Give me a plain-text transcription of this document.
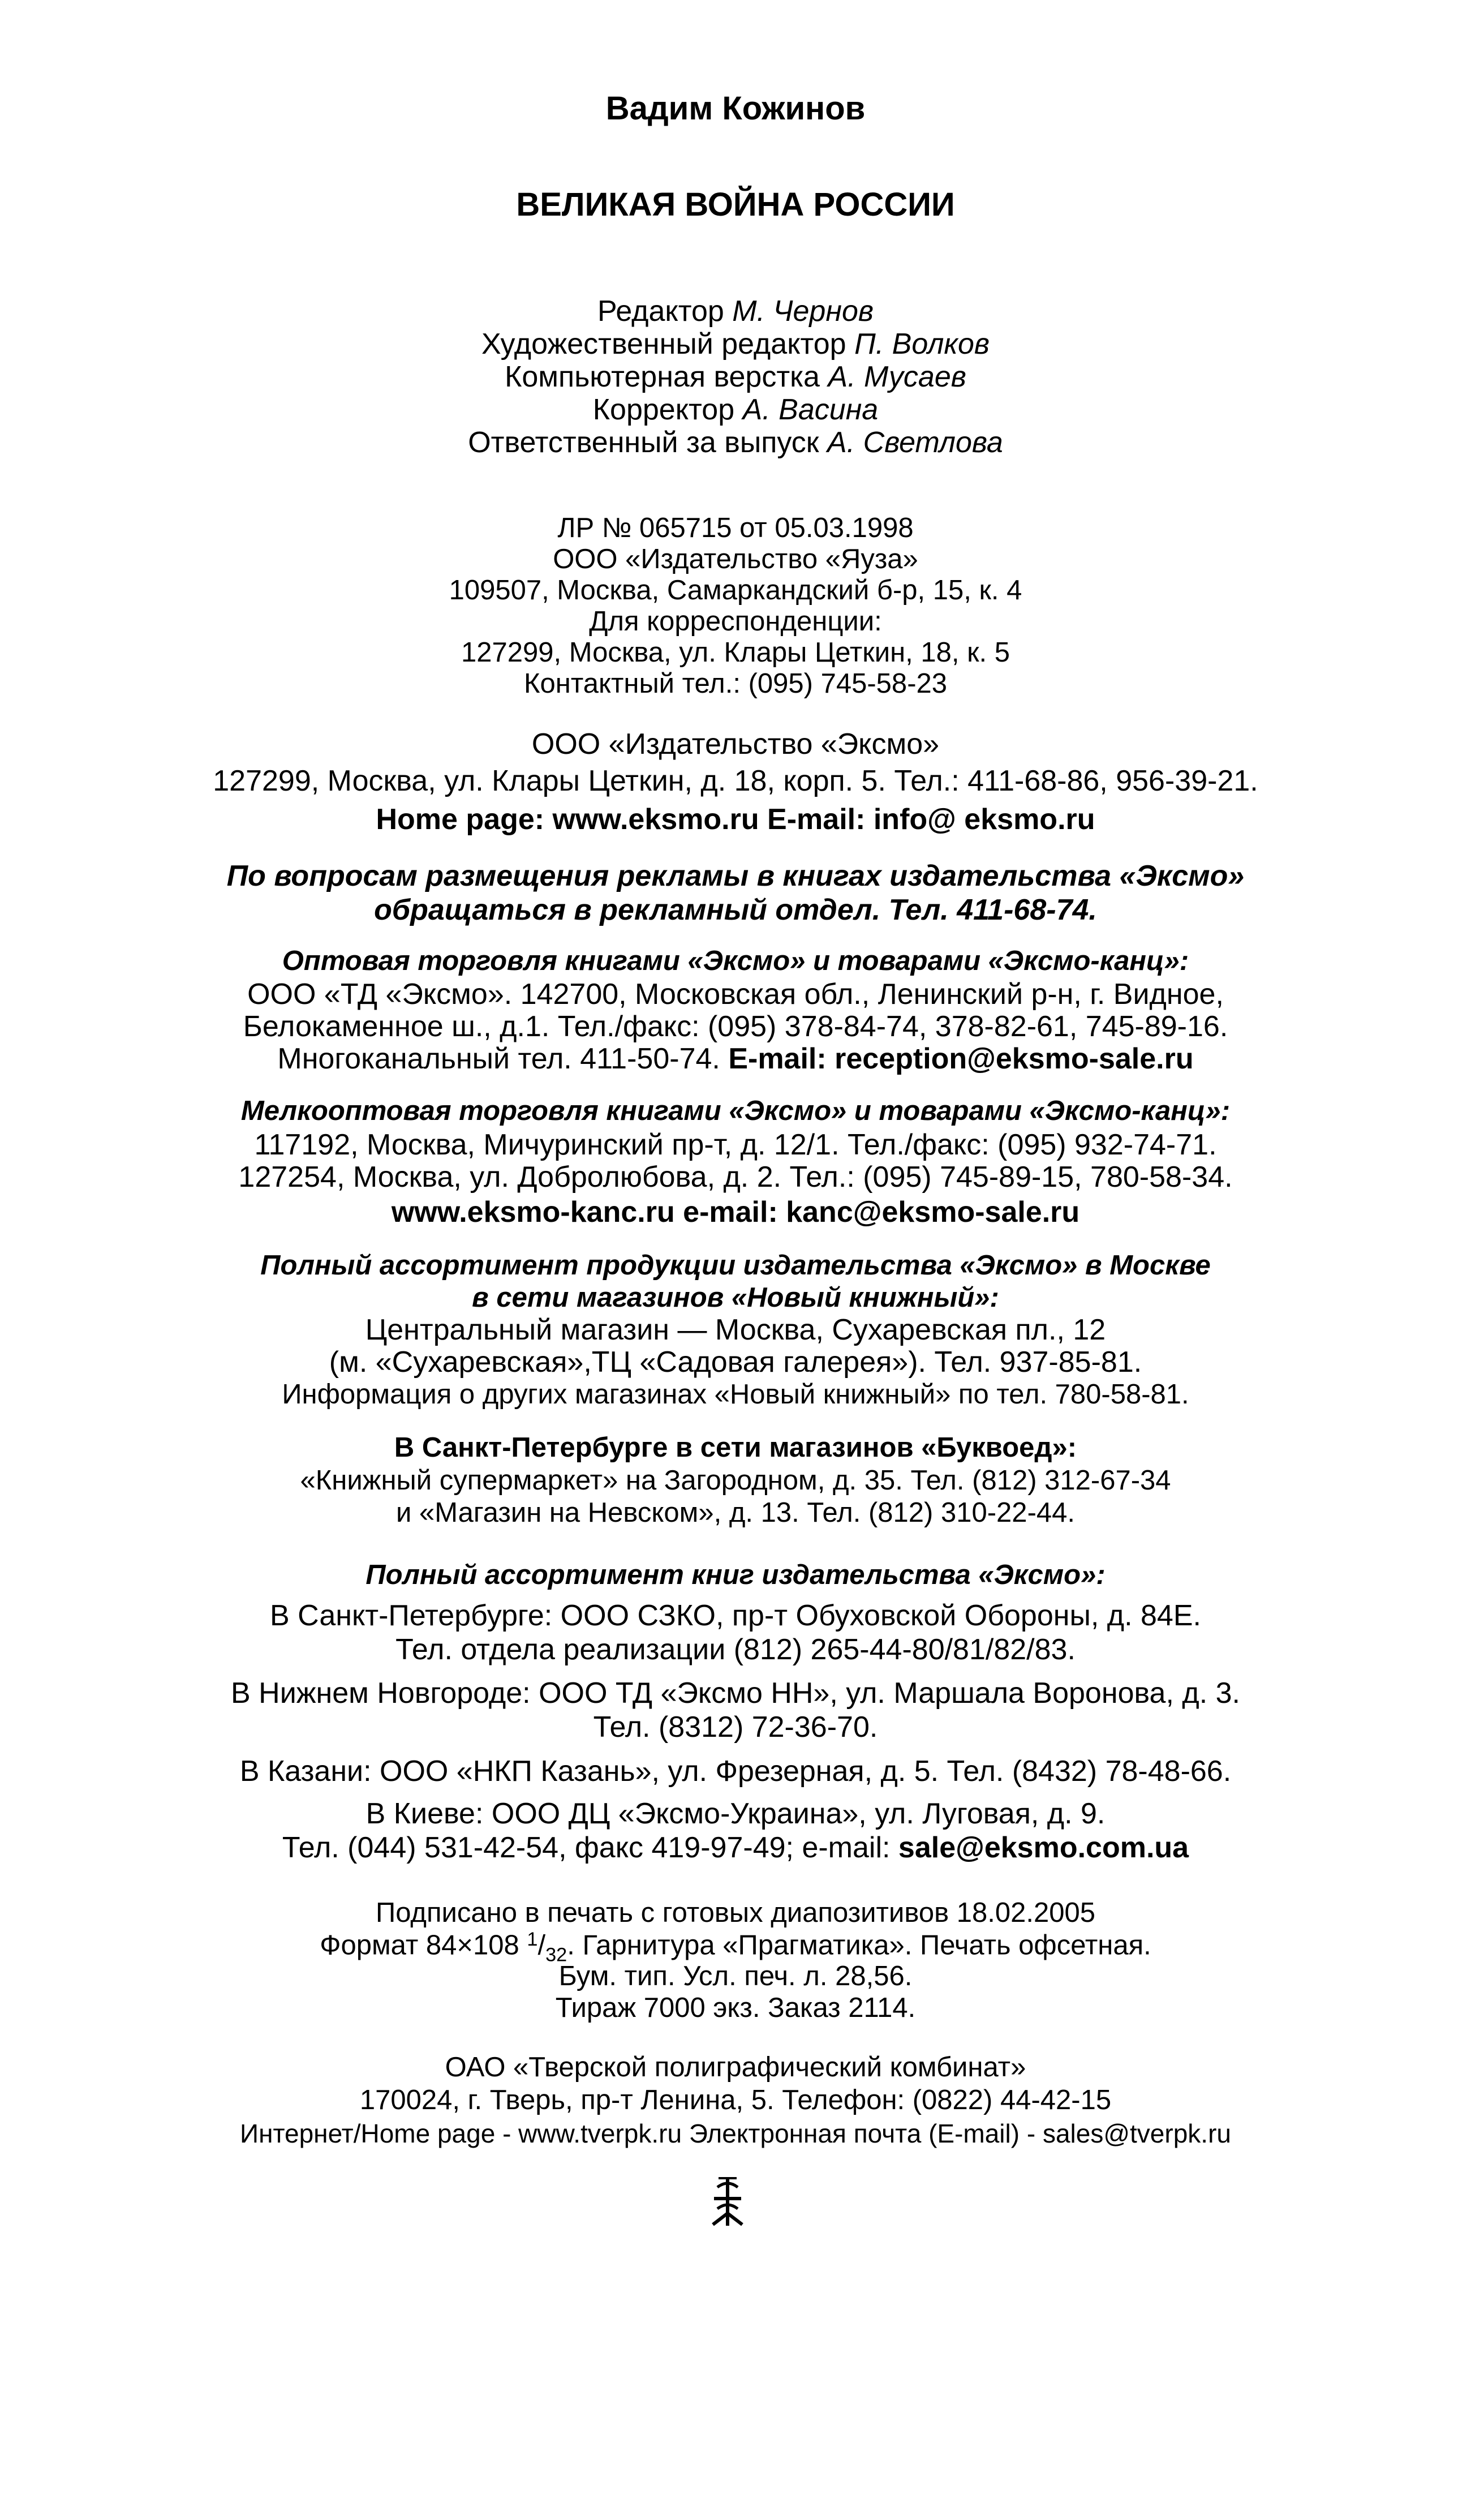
Вадим Кожинов
ВЕЛИКАЯ ВОЙНА РОССИИ
Редактор М. Чернов
Художественный редактор П. Волков
Компьютерная верстка А. Мусаев
Корректор А. Васина
Ответственный за выпуск А. Светлова
ЛР № 065715 от 05.03.1998
ООО «Издательство «Яуза»
109507, Москва, Самаркандский б-р, 15, к. 4
Для корреспонденции:
127299, Москва, ул. Клары Цеткин, 18, к. 5
Контактный тел.: (095) 745-58-23
ООО «Издательство «Эксмо»
127299, Москва, ул. Клары Цеткин, д. 18, корп. 5. Тел.: 411-68-86, 956-39-21.
Home page: www.eksmo.ru E-mail: info@ eksmo.ru
По вопросам размещения рекламы в книгах издательства «Эксмо»
обращаться в рекламный отдел. Тел. 411-68-74.
Оптовая торговля книгами «Эксмо» и товарами «Эксмо-канц»:
ООО «ТД «Эксмо». 142700, Московская обл., Ленинский р-н, г. Видное,
Белокаменное ш., д.1. Тел./факс: (095) 378-84-74, 378-82-61, 745-89-16.
Многоканальный тел. 411-50-74. E-mail: reception@eksmo-sale.ru
Мелкооптовая торговля книгами «Эксмо» и товарами «Эксмо-канц»:
117192, Москва, Мичуринский пр-т, д. 12/1. Тел./факс: (095) 932-74-71.
127254, Москва, ул. Добролюбова, д. 2. Тел.: (095) 745-89-15, 780-58-34.
www.eksmo-kanc.ru e-mail: kanc@eksmo-sale.ru
Полный ассортимент продукции издательства «Эксмо» в Москве
в сети магазинов «Новый книжный»:
Центральный магазин — Москва, Сухаревская пл., 12
(м. «Сухаревская»,ТЦ «Садовая галерея»). Тел. 937-85-81.
Информация о других магазинах «Новый книжный» по тел. 780-58-81.
В Санкт-Петербурге в сети магазинов «Буквоед»:
«Книжный супермаркет» на Загородном, д. 35. Тел. (812) 312-67-34
и «Магазин на Невском», д. 13. Тел. (812) 310-22-44.
Полный ассортимент книг издательства «Эксмо»:
В Санкт-Петербурге: ООО СЗКО, пр-т Обуховской Обороны, д. 84Е.
Тел. отдела реализации (812) 265-44-80/81/82/83.
В Нижнем Новгороде: ООО ТД «Эксмо НН», ул. Маршала Воронова, д. 3.
Тел. (8312) 72-36-70.
В Казани: ООО «НКП Казань», ул. Фрезерная, д. 5. Тел. (8432) 78-48-66.
В Киеве: ООО ДЦ «Эксмо-Украина», ул. Луговая, д. 9.
Тел. (044) 531-42-54, факс 419-97-49; e-mail: sale@eksmo.com.ua
Подписано в печать с готовых диапозитивов 18.02.2005
Формат 84×108 $^1/_{32}$. Гарнитура «Прагматика». Печать офсетная.
Бум. тип. Усл. печ. л. 28,56.
Тираж 7000 экз. Заказ 2114.
ОАО «Тверской полиграфический комбинат»
170024, г. Тверь, пр-т Ленина, 5. Телефон: (0822) 44-42-15
Интернет/Home page - www.tverpk.ru Электронная почта (E-mail) - sales@tverpk.ru
